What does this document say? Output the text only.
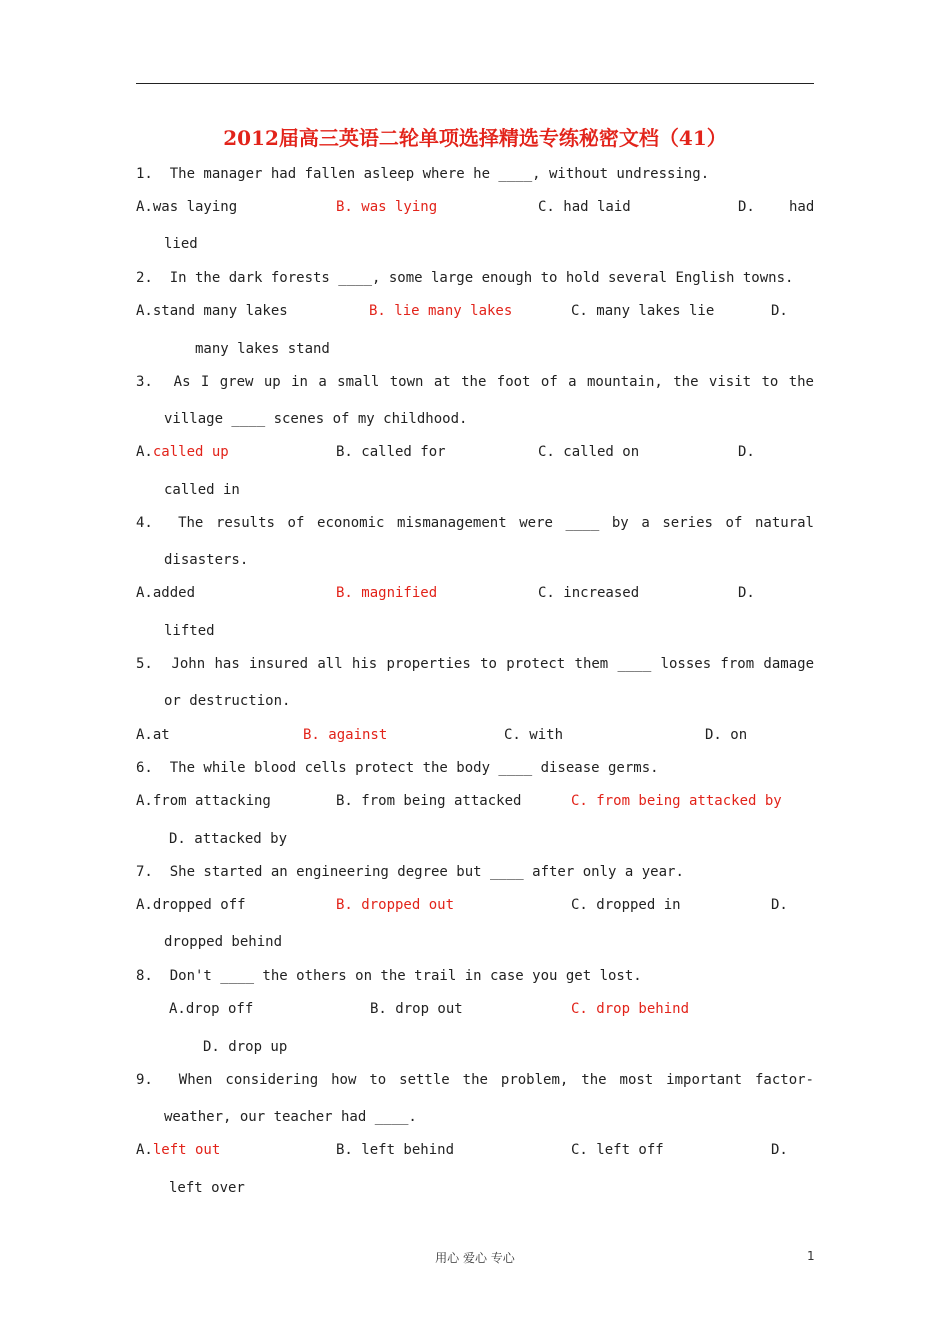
2012届高三英语二轮单项选择精选专练秘密文档（41）
1.  The manager had fallen asleep where he ____, without undressing.
A.was laying	B. was lying	C. had laid	D. had
lied
2.  In the dark forests ____, some large enough to hold several English towns.
A.stand many lakes	B. lie many lakes	C. many lakes lie	D.
many lakes stand
3.  As I grew up in a small town at the foot of a mountain, the visit to the
village ____ scenes of my childhood.
A.called up	B. called for	C. called on	D.
called in
4.  The results of economic mismanagement were ____ by a series of natural
disasters.
A.added	B. magnified	C. increased	D.
lifted
5.  John has insured all his properties to protect them ____ losses from damage
or destruction.
A.at	B. against	C. with	D. on
6.  The while blood cells protect the body ____ disease germs.
A.from attacking	B. from being attacked	C. from being attacked by
D. attacked by
7.  She started an engineering degree but ____ after only a year.
A.dropped off	B. dropped out	C. dropped in	D.
dropped behind
8.  Don't ____ the others on the trail in case you get lost.
A.drop off	B. drop out	C. drop behind
D. drop up
9.  When considering how to settle the problem, the most important factor-
weather, our teacher had ____.
A.left out	B. left behind	C. left off	D.
left over
用心 爱心 专心	1
